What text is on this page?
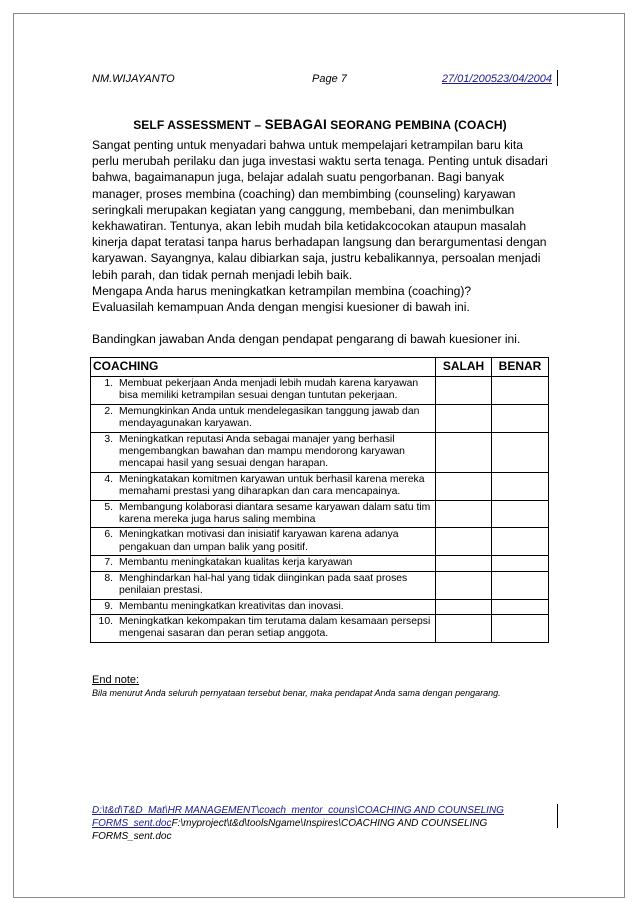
NM.WIJAYANTO	Page 7	27/01/200523/04/2004
SELF ASSESSMENT – SEBAGAI SEORANG PEMBINA (COACH)

Sangat penting untuk menyadari bahwa untuk mempelajari ketrampilan baru kita perlu merubah perilaku dan juga investasi waktu serta tenaga. Penting untuk disadari bahwa, bagaimanapun juga, belajar adalah suatu pengorbanan. Bagi banyak manager, proses membina (coaching) dan membimbing (counseling) karyawan seringkali merupakan kegiatan yang canggung, membebani, dan menimbulkan kekhawatiran. Tentunya, akan lebih mudah bila ketidakcocokan ataupun masalah kinerja dapat teratasi tanpa harus berhadapan langsung dan berargumentasi dengan karyawan. Sayangnya, kalau dibiarkan saja, justru kebalikannya, persoalan menjadi lebih parah, dan tidak pernah menjadi lebih baik.

Mengapa Anda harus meningkatkan ketrampilan membina (coaching)?

Evaluasilah kemampuan Anda dengan mengisi kuesioner di bawah ini.

Bandingkan jawaban Anda dengan pendapat pengarang di bawah kuesioner ini.

COACHING	SALAH	BENAR

1. Membuat pekerjaan Anda menjadi lebih mudah karena karyawan bisa memiliki ketrampilan sesuai dengan tuntutan pekerjaan.		

2. Memungkinkan Anda untuk mendelegasikan tanggung jawab dan mendayagunakan karyawan.		

3. Meningkatkan reputasi Anda sebagai manajer yang berhasil mengembangkan bawahan dan mampu mendorong karyawan mencapai hasil yang sesuai dengan harapan.		

4. Meningkatakan komitmen karyawan untuk berhasil karena mereka memahami prestasi yang diharapkan dan cara mencapainya.		

5. Membangung kolaborasi diantara sesame karyawan dalam satu tim karena mereka juga harus saling membina		

6. Meningkatkan motivasi dan inisiatif karyawan karena adanya pengakuan dan umpan balik yang positif.		

7. Membantu meningkatakan kualitas kerja karyawan		

8. Menghindarkan hal-hal yang tidak diinginkan pada saat proses penilaian prestasi.		

9. Membantu meningkatkan kreativitas dan inovasi.		

10. Meningkatkan kekompakan tim terutama dalam kesamaan persepsi mengenai sasaran dan peran setiap anggota.		

End note:
Bila menurut Anda seluruh pernyataan tersebut benar, maka pendapat Anda sama dengan pengarang.
D:\t&d\T&D_Mat\HR MANAGEMENT\coach_mentor_couns\COACHING AND COUNSELING
FORMS_sent.docF:\myproject\t&d\toolsNgame\Inspires\COACHING AND COUNSELING FORMS_sent.doc
